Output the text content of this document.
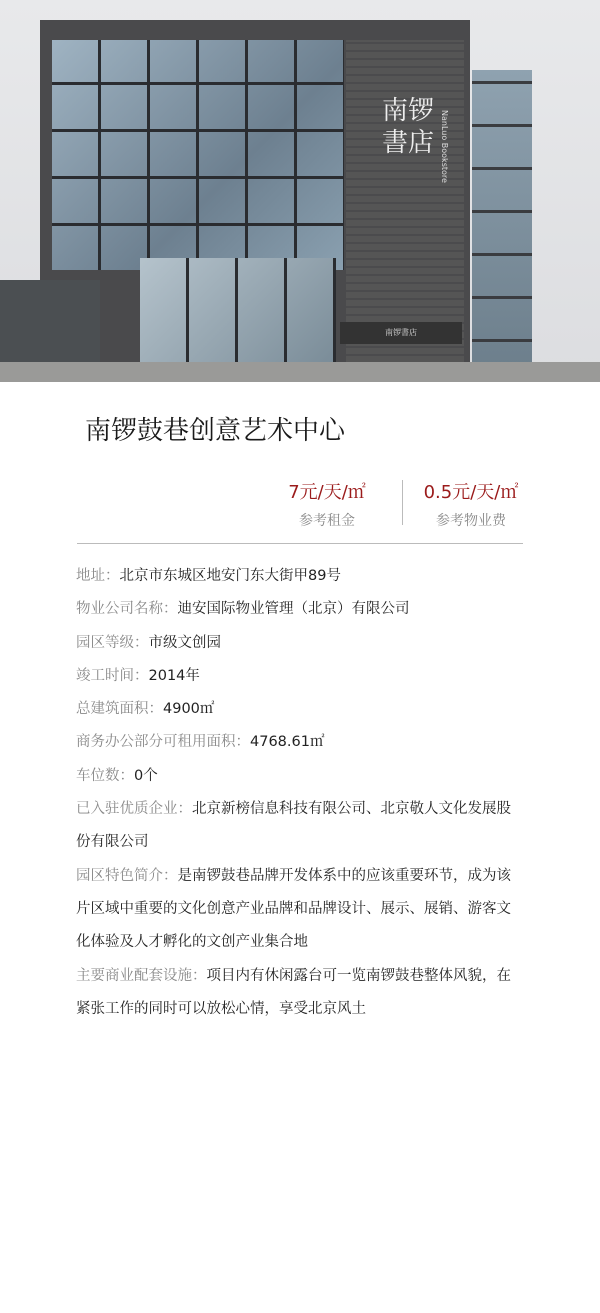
南锣書店 NanLuo Bookstore
南锣書店
南锣鼓巷创意艺术中心
7元/天/㎡
参考租金
0.5元/天/㎡
参考物业费
地址：北京市东城区地安门东大街甲89号
物业公司名称：迪安国际物业管理（北京）有限公司
园区等级：市级文创园
竣工时间：2014年
总建筑面积：4900㎡
商务办公部分可租用面积：4768.61㎡
车位数：0个
已入驻优质企业：北京新榜信息科技有限公司、北京敬人文化发展股份有限公司
园区特色简介：是南锣鼓巷品牌开发体系中的应该重要环节，成为该片区域中重要的文化创意产业品牌和品牌设计、展示、展销、游客文化体验及人才孵化的文创产业集合地
主要商业配套设施：项目内有休闲露台可一览南锣鼓巷整体风貌，在紧张工作的同时可以放松心情，享受北京风土
